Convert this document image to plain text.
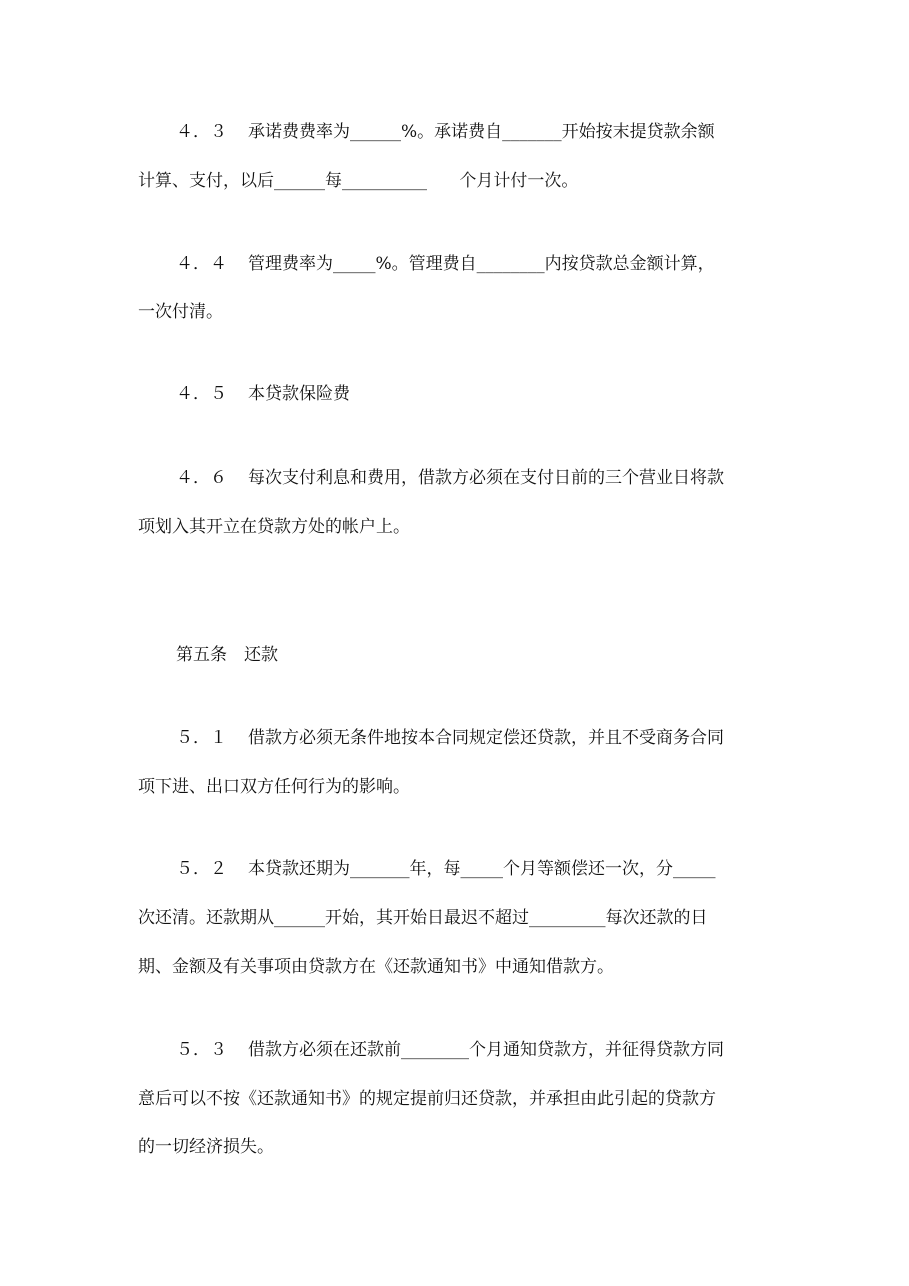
４．３ 承诺费费率为______%。承诺费自_______开始按末提贷款余额
计算、支付，以后______每__________      个月计付一次。
４．４ 管理费率为_____%。管理费自________内按贷款总金额计算，
一次付清。
４．５ 本贷款保险费
４．６ 每次支付利息和费用，借款方必须在支付日前的三个营业日将款
项划入其开立在贷款方处的帐户上。
第五条　还款
５．１ 借款方必须无条件地按本合同规定偿还贷款，并且不受商务合同
项下进、出口双方任何行为的影响。
５．２ 本贷款还期为_______年，每_____个月等额偿还一次，分_____
次还清。还款期从______开始，其开始日最迟不超过_________每次还款的日
期、金额及有关事项由贷款方在《还款通知书》中通知借款方。
５．３ 借款方必须在还款前________个月通知贷款方，并征得贷款方同
意后可以不按《还款通知书》的规定提前归还贷款，并承担由此引起的贷款方
的一切经济损失。
